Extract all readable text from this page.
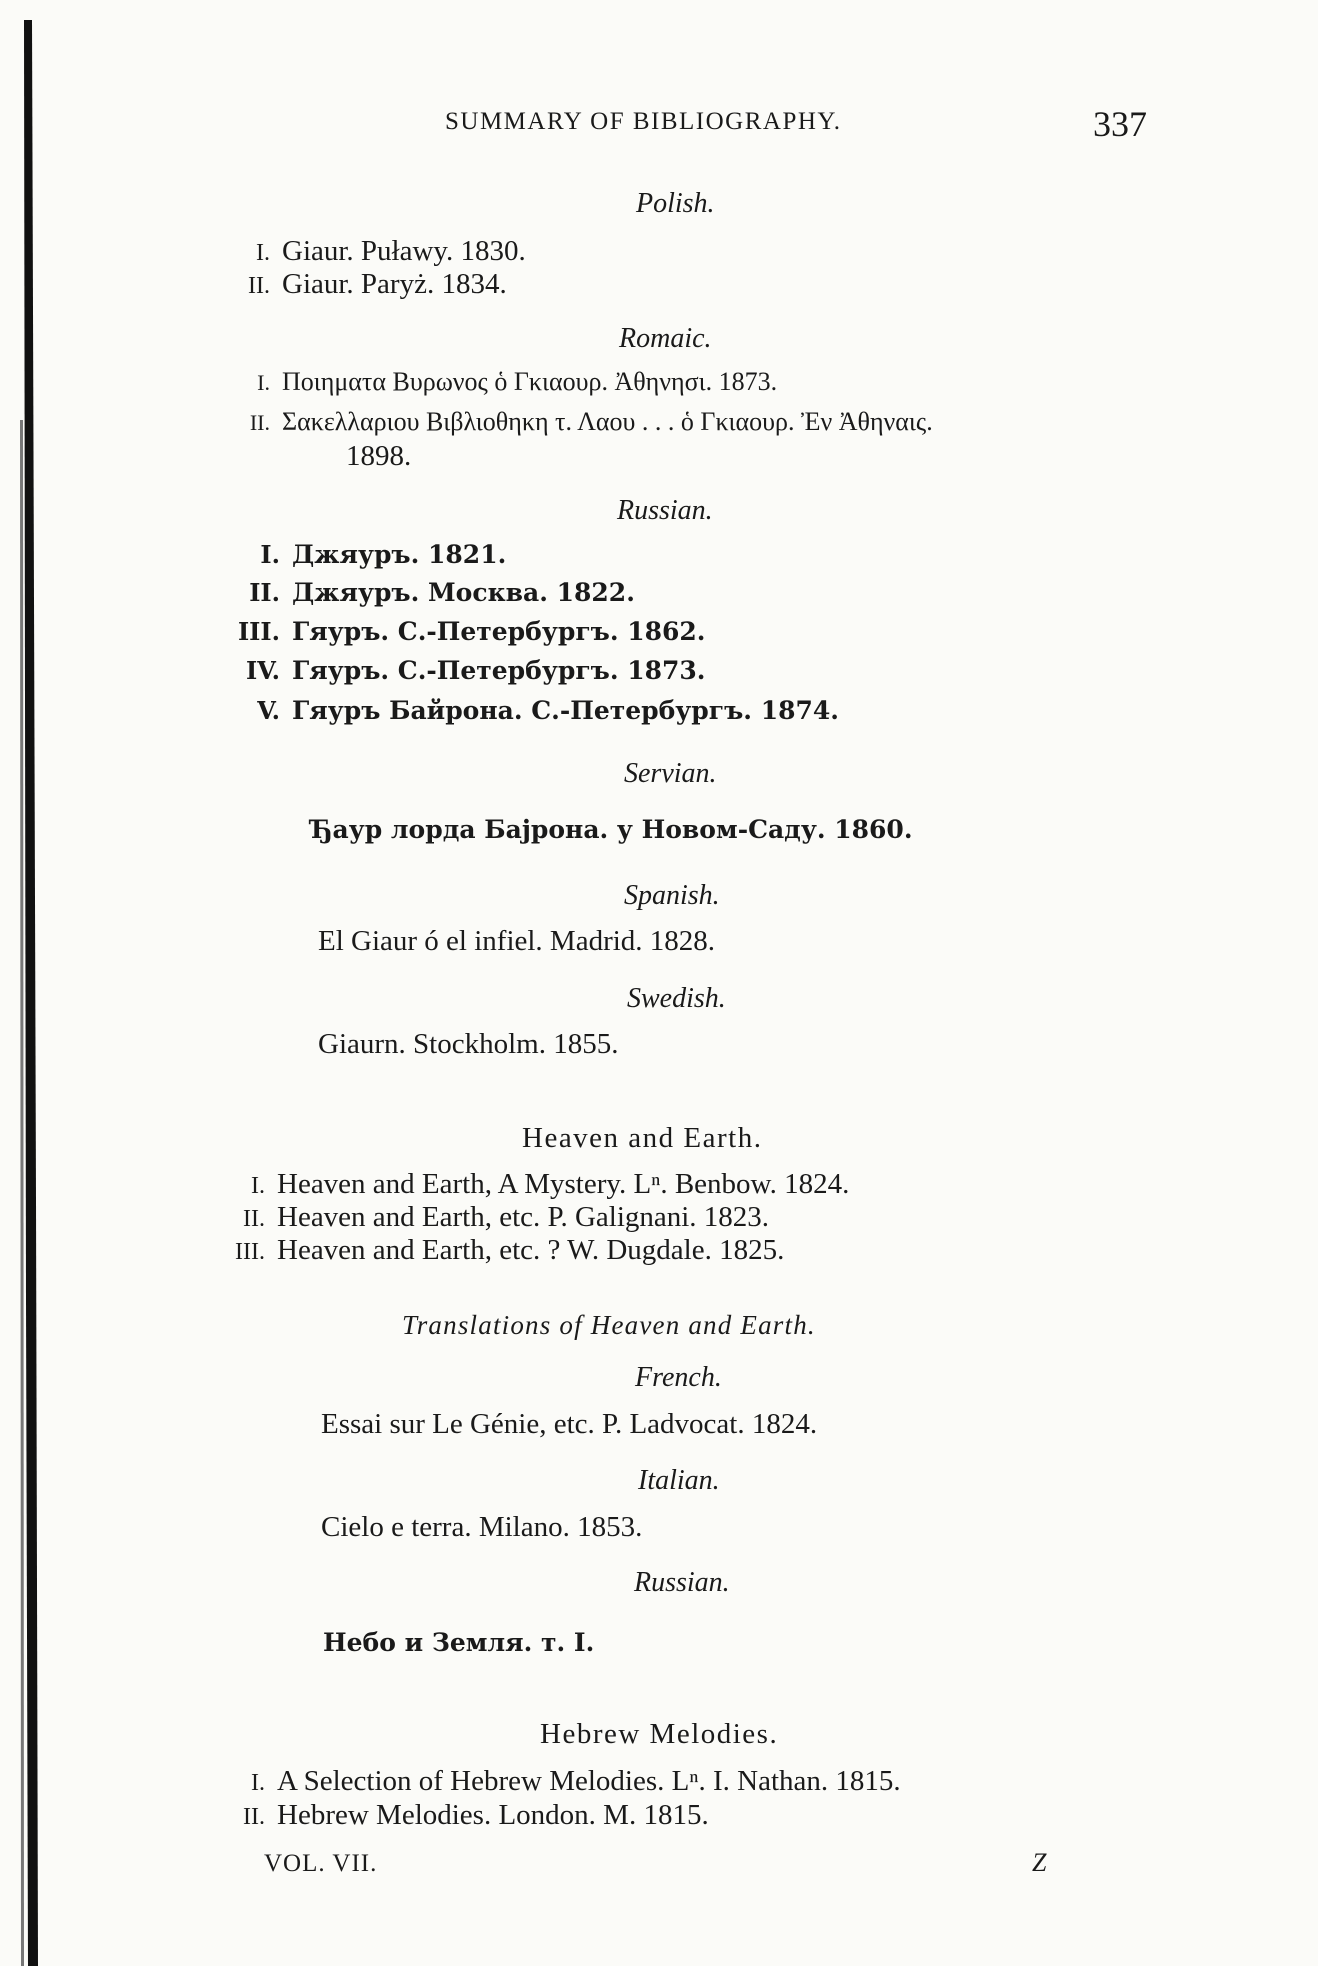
SUMMARY OF BIBLIOGRAPHY.	337
Polish.
I. Giaur. Puławy. 1830.
II. Giaur. Paryż. 1834.
Romaic.
I. Ποιηματα Βυρωνος ὁ Γκιαουρ. Ἀθηνησι. 1873.
II. Σακελλαριου Βιβλιοθηκη τ. Λαου . . . ὁ Γκιαουρ. Ἐν Ἀθηναις.
1898.
Russian.
I. Джяуръ. 1821.
II. Джяуръ. Москва. 1822.
III. Гяуръ. С.-Петербургъ. 1862.
IV. Гяуръ. С.-Петербургъ. 1873.
V. Гяуръ Байрона. С.-Петербургъ. 1874.
Servian.
Ђаур лорда Бајрона. у Новом-Саду. 1860.
Spanish.
El Giaur ó el infiel. Madrid. 1828.
Swedish.
Giaurn. Stockholm. 1855.
Heaven and Earth.
I. Heaven and Earth, A Mystery. Lⁿ. Benbow. 1824.
II. Heaven and Earth, etc. P. Galignani. 1823.
III. Heaven and Earth, etc. ? W. Dugdale. 1825.
Translations of Heaven and Earth.
French.
Essai sur Le Génie, etc. P. Ladvocat. 1824.
Italian.
Cielo e terra. Milano. 1853.
Russian.
Небо и Земля. т. I.
Hebrew Melodies.
I. A Selection of Hebrew Melodies. Lⁿ. I. Nathan. 1815.
II. Hebrew Melodies. London. M. 1815.
VOL. VII.	Z
